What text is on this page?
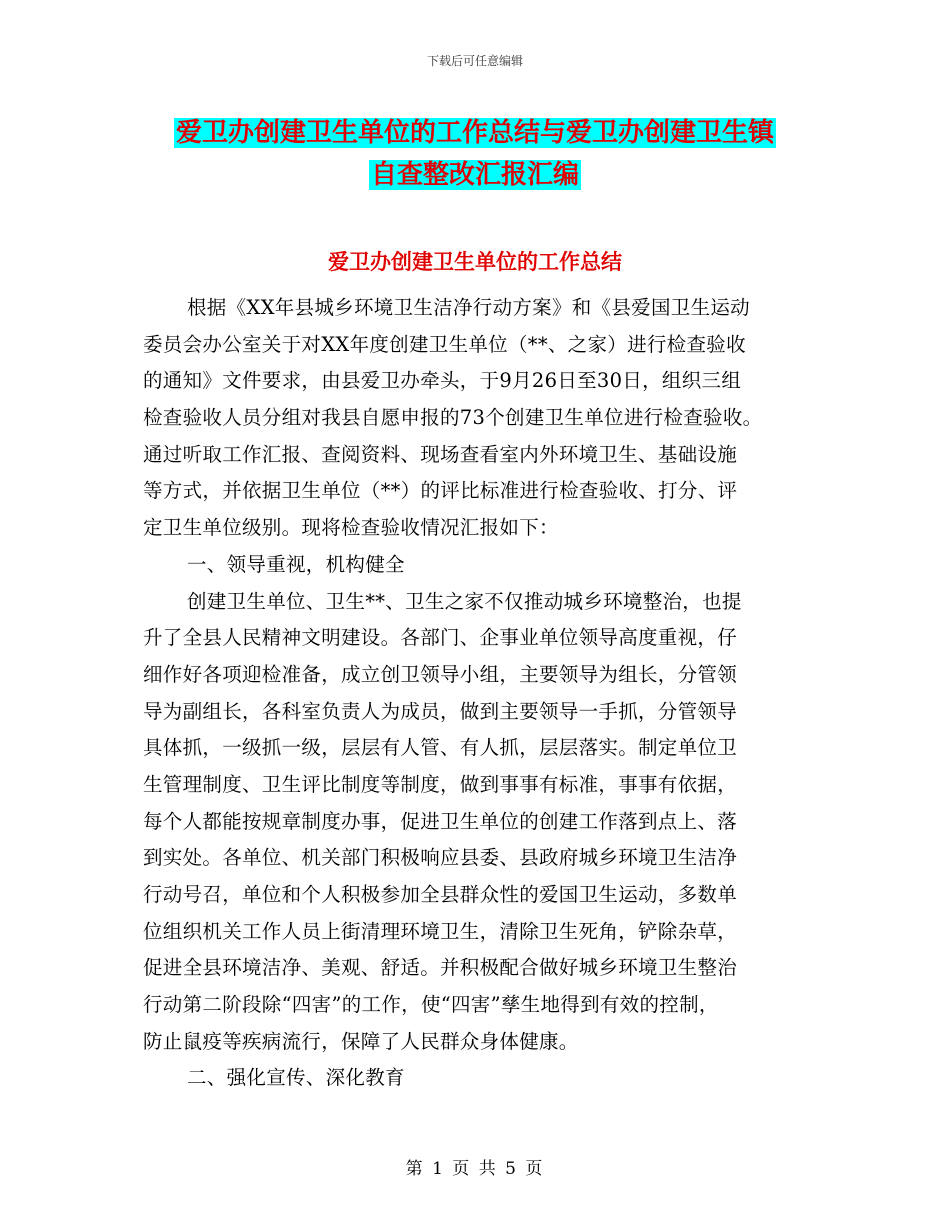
下载后可任意编辑
爱卫办创建卫生单位的工作总结与爱卫办创建卫生镇
自查整改汇报汇编
爱卫办创建卫生单位的工作总结
根据《XX年县城乡环境卫生洁净行动方案》和《县爱国卫生运动
委员会办公室关于对XX年度创建卫生单位（**、之家）进行检查验收
的通知》文件要求，由县爱卫办牵头，于9月26日至30日，组织三组
检查验收人员分组对我县自愿申报的73个创建卫生单位进行检查验收。
通过听取工作汇报、查阅资料、现场查看室内外环境卫生、基础设施
等方式，并依据卫生单位（**）的评比标准进行检查验收、打分、评
定卫生单位级别。现将检查验收情况汇报如下：
一、领导重视，机构健全
创建卫生单位、卫生**、卫生之家不仅推动城乡环境整治，也提
升了全县人民精神文明建设。各部门、企事业单位领导高度重视，仔
细作好各项迎检准备，成立创卫领导小组，主要领导为组长，分管领
导为副组长，各科室负责人为成员，做到主要领导一手抓，分管领导
具体抓，一级抓一级，层层有人管、有人抓，层层落实。制定单位卫
生管理制度、卫生评比制度等制度，做到事事有标准，事事有依据，
每个人都能按规章制度办事，促进卫生单位的创建工作落到点上、落
到实处。各单位、机关部门积极响应县委、县政府城乡环境卫生洁净
行动号召，单位和个人积极参加全县群众性的爱国卫生运动，多数单
位组织机关工作人员上街清理环境卫生，清除卫生死角，铲除杂草，
促进全县环境洁净、美观、舒适。并积极配合做好城乡环境卫生整治
行动第二阶段除“四害”的工作，使“四害”孳生地得到有效的控制，
防止鼠疫等疾病流行，保障了人民群众身体健康。
二、强化宣传、深化教育
第 1 页 共 5 页
